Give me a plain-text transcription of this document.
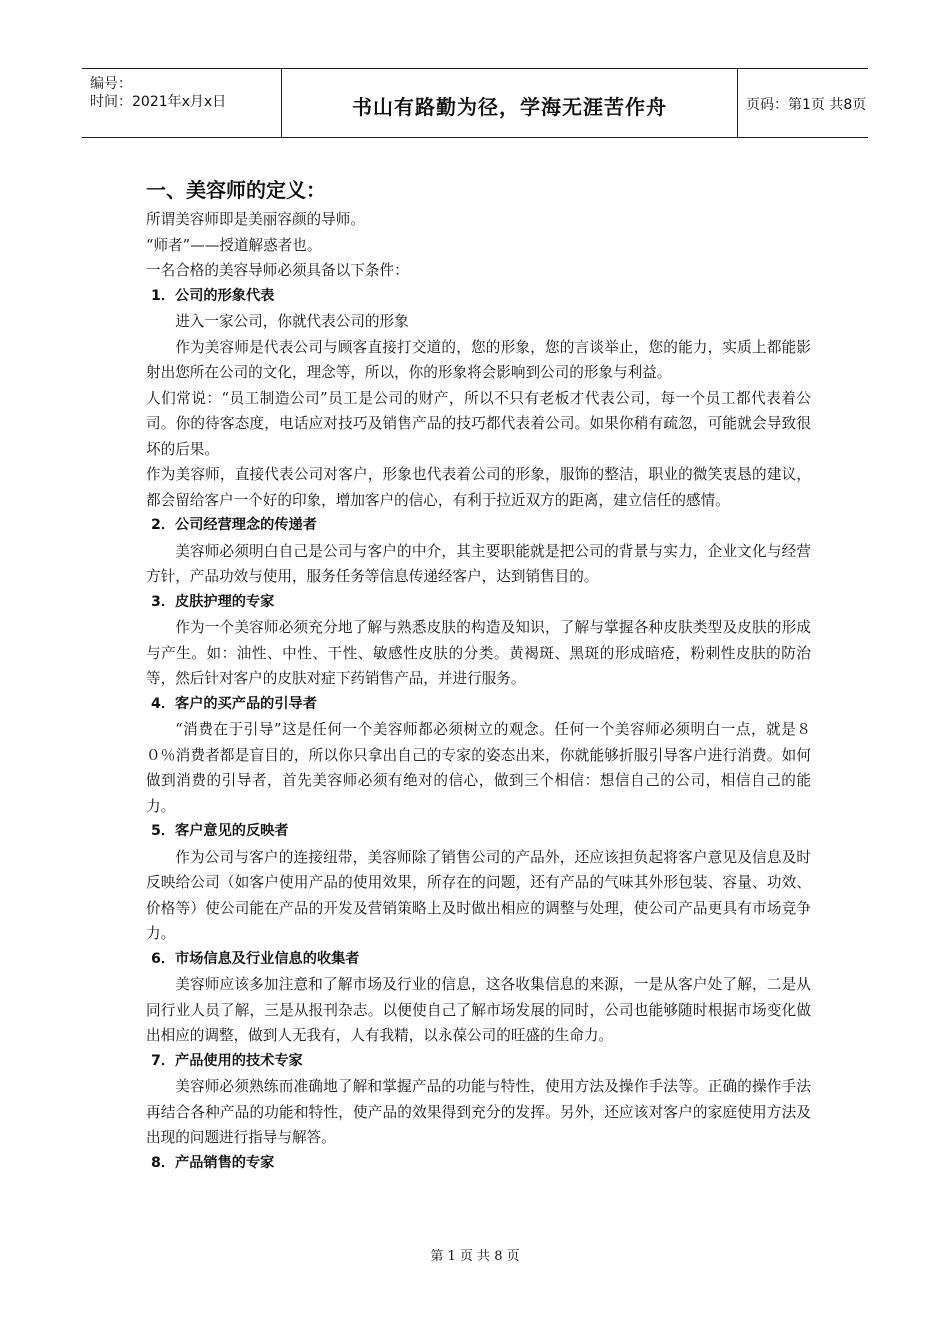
编号：
时间：2021年x月x日	书山有路勤为径，学海无涯苦作舟	页码：第1页 共8页
一、美容师的定义：

所谓美容师即是美丽容颜的导师。

“师者”——授道解惑者也。

一名合格的美容导师必须具备以下条件：

1．公司的形象代表

进入一家公司，你就代表公司的形象

作为美容师是代表公司与顾客直接打交道的，您的形象，您的言谈举止，您的能力，实质上都能影射出您所在公司的文化，理念等，所以，你的形象将会影响到公司的形象与利益。

人们常说：“员工制造公司”员工是公司的财产，所以不只有老板才代表公司，每一个员工都代表着公司。你的待客态度，电话应对技巧及销售产品的技巧都代表着公司。如果你稍有疏忽，可能就会导致很坏的后果。

作为美容师，直接代表公司对客户，形象也代表着公司的形象，服饰的整洁，职业的微笑衷恳的建议，都会留给客户一个好的印象，增加客户的信心，有利于拉近双方的距离，建立信任的感情。

2．公司经营理念的传递者

美容师必须明白自己是公司与客户的中介，其主要职能就是把公司的背景与实力，企业文化与经营方针，产品功效与使用，服务任务等信息传递经客户，达到销售目的。

3．皮肤护理的专家

作为一个美容师必须充分地了解与熟悉皮肤的构造及知识，了解与掌握各种皮肤类型及皮肤的形成与产生。如：油性、中性、干性、敏感性皮肤的分类。黄褐斑、黑斑的形成暗疮，粉刺性皮肤的防治等，然后针对客户的皮肤对症下药销售产品，并进行服务。

4．客户的买产品的引导者

“消费在于引导”这是任何一个美容师都必须树立的观念。任何一个美容师必须明白一点，就是８０％消费者都是盲目的，所以你只拿出自己的专家的姿态出来，你就能够折服引导客户进行消费。如何做到消费的引导者，首先美容师必须有绝对的信心，做到三个相信：想信自己的公司，相信自己的能力。

5．客户意见的反映者

作为公司与客户的连接纽带，美容师除了销售公司的产品外，还应该担负起将客户意见及信息及时反映给公司（如客户使用产品的使用效果，所存在的问题，还有产品的气味其外形包装、容量、功效、价格等）使公司能在产品的开发及营销策略上及时做出相应的调整与处理，使公司产品更具有市场竞争力。

6．市场信息及行业信息的收集者

美容师应该多加注意和了解市场及行业的信息，这各收集信息的来源，一是从客户处了解，二是从同行业人员了解，三是从报刊杂志。以便使自己了解市场发展的同时，公司也能够随时根据市场变化做出相应的调整，做到人无我有，人有我精，以永葆公司的旺盛的生命力。

7．产品使用的技术专家

美容师必须熟练而准确地了解和掌握产品的功能与特性，使用方法及操作手法等。正确的操作手法再结合各种产品的功能和特性，使产品的效果得到充分的发挥。另外，还应该对客户的家庭使用方法及出现的问题进行指导与解答。

8．产品销售的专家

第 1 页 共 8 页
